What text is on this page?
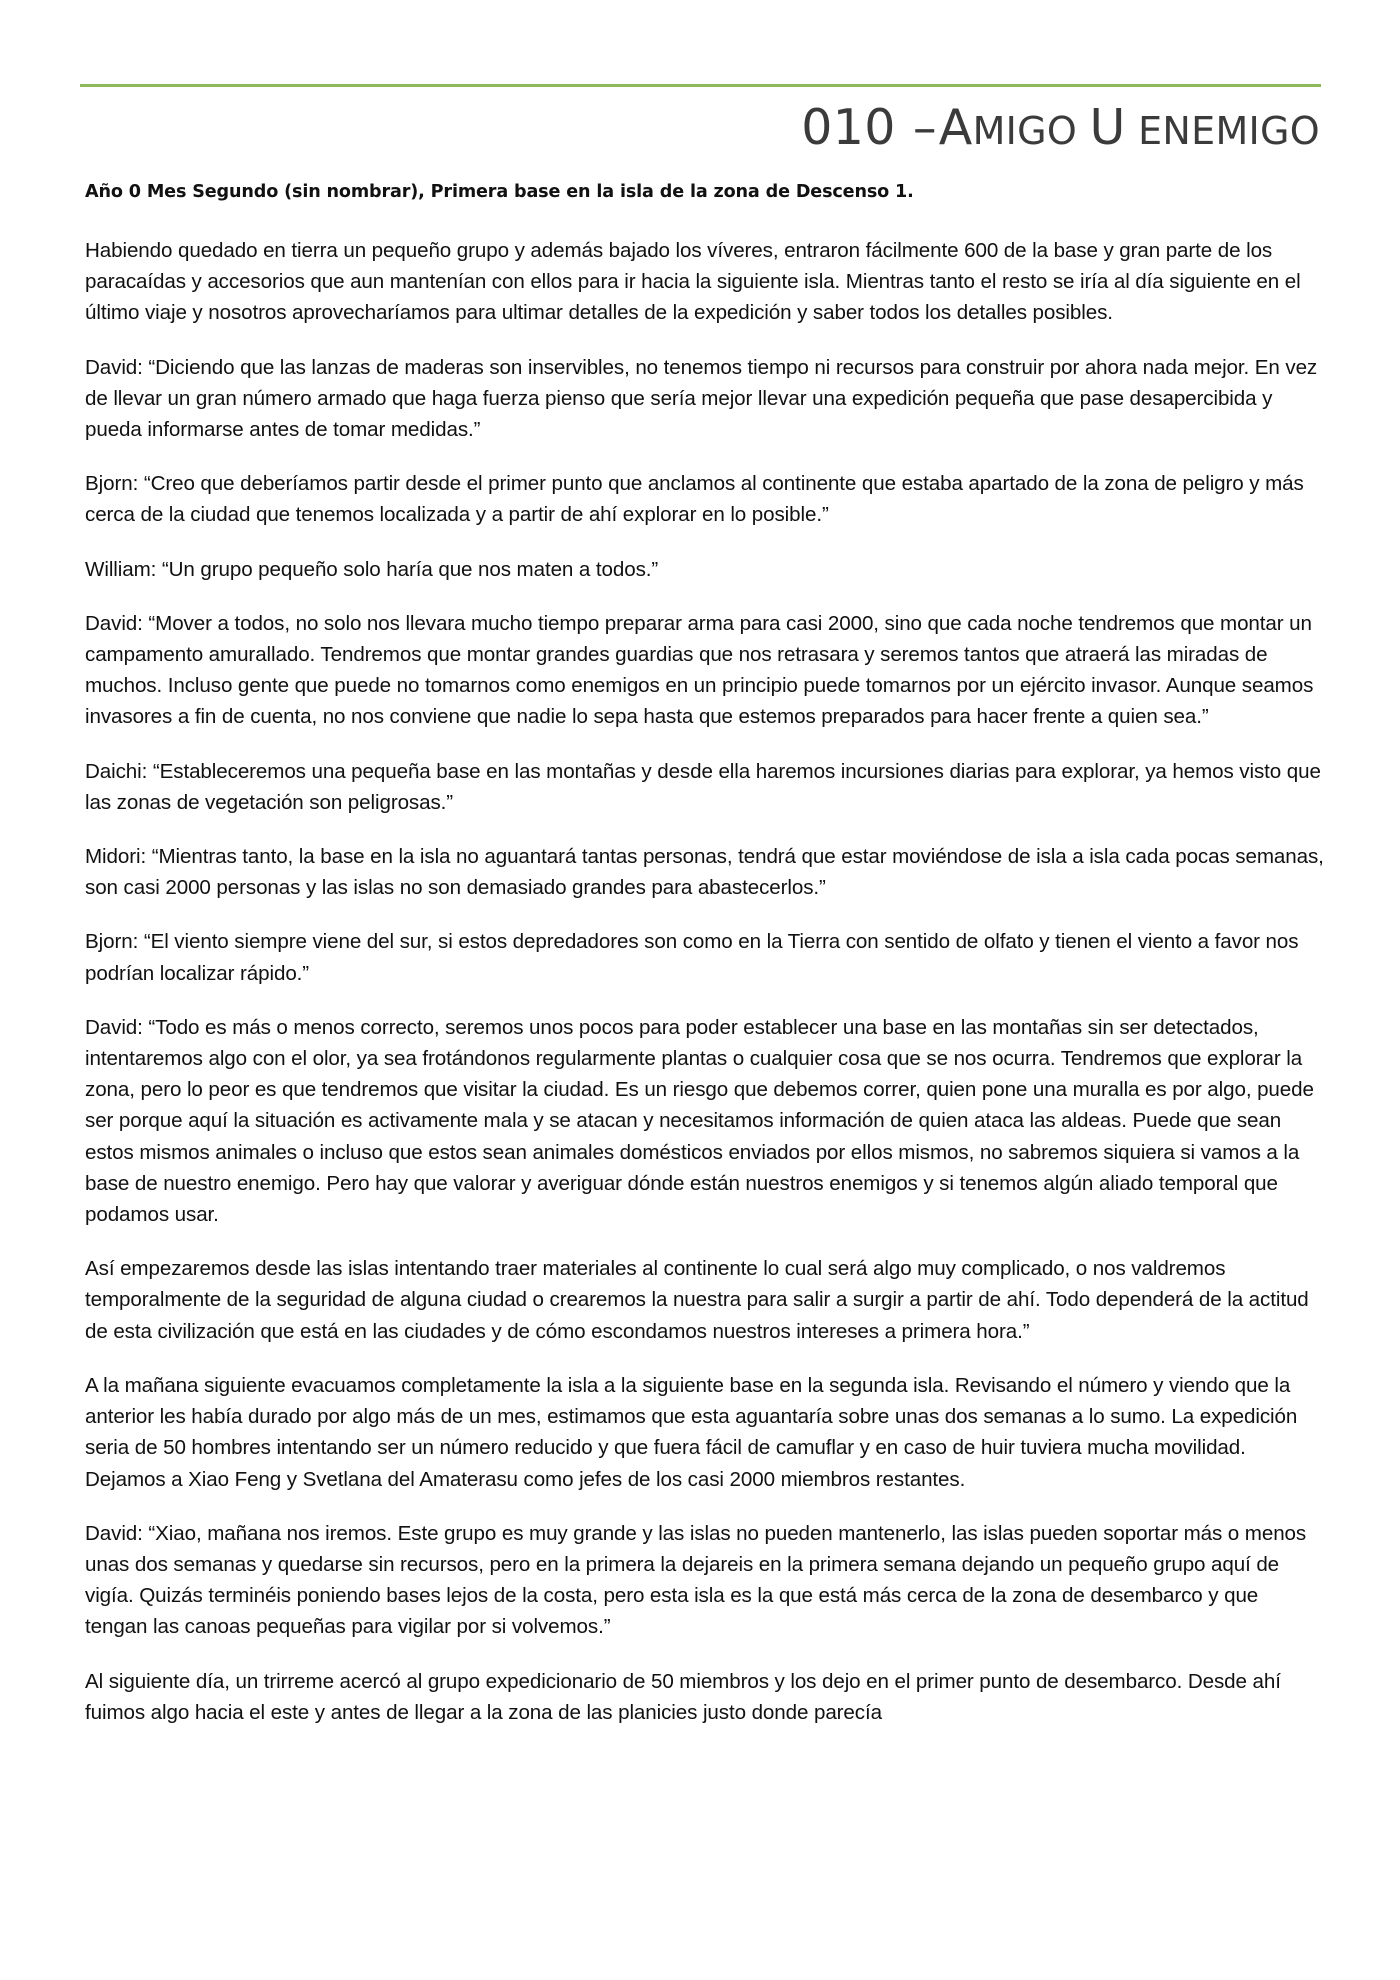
010 –AMIGO U ENEMIGO
Año 0 Mes Segundo (sin nombrar), Primera base en la isla de la zona de Descenso 1.

Habiendo quedado en tierra un pequeño grupo y además bajado los víveres, entraron fácilmente 600 de la base y gran parte de los paracaídas y accesorios que aun mantenían con ellos para ir hacia la siguiente isla. Mientras tanto el resto se iría al día siguiente en el último viaje y nosotros aprovecharíamos para ultimar detalles de la expedición y saber todos los detalles posibles.

David: “Diciendo que las lanzas de maderas son inservibles, no tenemos tiempo ni recursos para construir por ahora nada mejor. En vez de llevar un gran número armado que haga fuerza pienso que sería mejor llevar una expedición pequeña que pase desapercibida y pueda informarse antes de tomar medidas.”

Bjorn: “Creo que deberíamos partir desde el primer punto que anclamos al continente que estaba apartado de la zona de peligro y más cerca de la ciudad que tenemos localizada y a partir de ahí explorar en lo posible.”

William: “Un grupo pequeño solo haría que nos maten a todos.”

David: “Mover a todos, no solo nos llevara mucho tiempo preparar arma para casi 2000, sino que cada noche tendremos que montar un campamento amurallado. Tendremos que montar grandes guardias que nos retrasara y seremos tantos que atraerá las miradas de muchos. Incluso gente que puede no tomarnos como enemigos en un principio puede tomarnos por un ejército invasor. Aunque seamos invasores a fin de cuenta, no nos conviene que nadie lo sepa hasta que estemos preparados para hacer frente a quien sea.”

Daichi: “Estableceremos una pequeña base en las montañas y desde ella haremos incursiones diarias para explorar, ya hemos visto que las zonas de vegetación son peligrosas.”

Midori: “Mientras tanto, la base en la isla no aguantará tantas personas, tendrá que estar moviéndose de isla a isla cada pocas semanas, son casi 2000 personas y las islas no son demasiado grandes para abastecerlos.”

Bjorn: “El viento siempre viene del sur, si estos depredadores son como en la Tierra con sentido de olfato y tienen el viento a favor nos podrían localizar rápido.”

David: “Todo es más o menos correcto, seremos unos pocos para poder establecer una base en las montañas sin ser detectados, intentaremos algo con el olor, ya sea frotándonos regularmente plantas o cualquier cosa que se nos ocurra. Tendremos que explorar la zona, pero lo peor es que tendremos que visitar la ciudad. Es un riesgo que debemos correr, quien pone una muralla es por algo, puede ser porque aquí la situación es activamente mala y se atacan y necesitamos información de quien ataca las aldeas. Puede que sean estos mismos animales o incluso que estos sean animales domésticos enviados por ellos mismos, no sabremos siquiera si vamos a la base de nuestro enemigo. Pero hay que valorar y averiguar dónde están nuestros enemigos y si tenemos algún aliado temporal que podamos usar.

Así empezaremos desde las islas intentando traer materiales al continente lo cual será algo muy complicado, o nos valdremos temporalmente de la seguridad de alguna ciudad o crearemos la nuestra para salir a surgir a partir de ahí. Todo dependerá de la actitud de esta civilización que está en las ciudades y de cómo escondamos nuestros intereses a primera hora.”

A la mañana siguiente evacuamos completamente la isla a la siguiente base en la segunda isla. Revisando el número y viendo que la anterior les había durado por algo más de un mes, estimamos que esta aguantaría sobre unas dos semanas a lo sumo. La expedición seria de 50 hombres intentando ser un número reducido y que fuera fácil de camuflar y en caso de huir tuviera mucha movilidad. Dejamos a Xiao Feng y Svetlana del Amaterasu como jefes de los casi 2000 miembros restantes.

David: “Xiao, mañana nos iremos. Este grupo es muy grande y las islas no pueden mantenerlo, las islas pueden soportar más o menos unas dos semanas y quedarse sin recursos, pero en la primera la dejareis en la primera semana dejando un pequeño grupo aquí de vigía. Quizás terminéis poniendo bases lejos de la costa, pero esta isla es la que está más cerca de la zona de desembarco y que tengan las canoas pequeñas para vigilar por si volvemos.”

Al siguiente día, un trirreme acercó al grupo expedicionario de 50 miembros y los dejo en el primer punto de desembarco. Desde ahí fuimos algo hacia el este y antes de llegar a la zona de las planicies justo donde parecía
